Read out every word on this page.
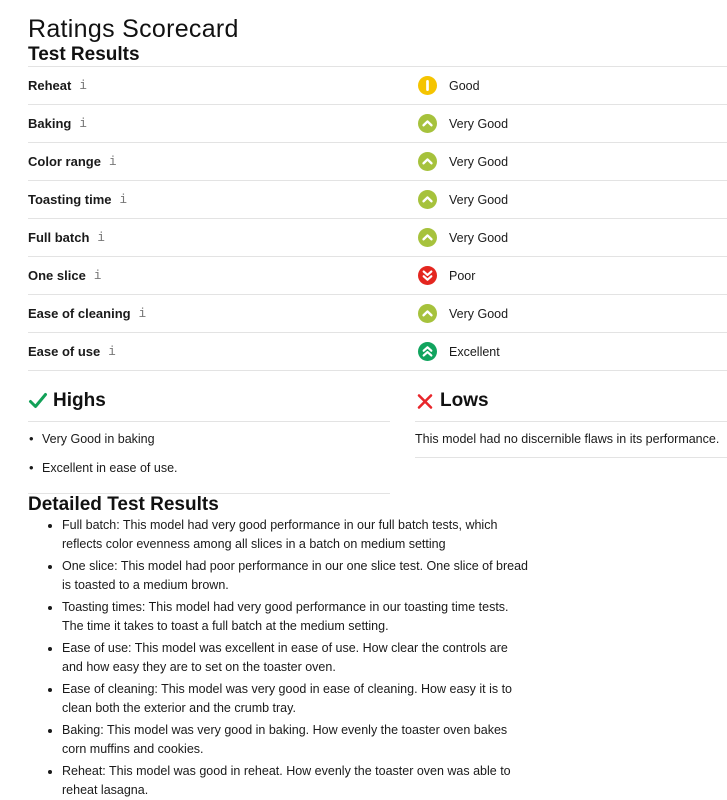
Ratings Scorecard
Test Results
Reheat i	Good
Baking i	Very Good
Color range i	Very Good
Toasting time i	Very Good
Full batch i	Very Good
One slice i	Poor
Ease of cleaning i	Very Good
Ease of use i	Excellent
Highs
• Very Good in baking
• Excellent in ease of use.
Lows

This model had no discernible flaws in its performance.

Detailed Test Results
• Full batch: This model had very good performance in our full batch tests, which reflects color evenness among all slices in a batch on medium setting
• One slice: This model had poor performance in our one slice test. One slice of bread is toasted to a medium brown.
• Toasting times: This model had very good performance in our toasting time tests. The time it takes to toast a full batch at the medium setting.
• Ease of use: This model was excellent in ease of use. How clear the controls are and how easy they are to set on the toaster oven.
• Ease of cleaning: This model was very good in ease of cleaning. How easy it is to clean both the exterior and the crumb tray.
• Baking: This model was very good in baking. How evenly the toaster oven bakes corn muffins and cookies.
• Reheat: This model was good in reheat. How evenly the toaster oven was able to reheat lasagna.
